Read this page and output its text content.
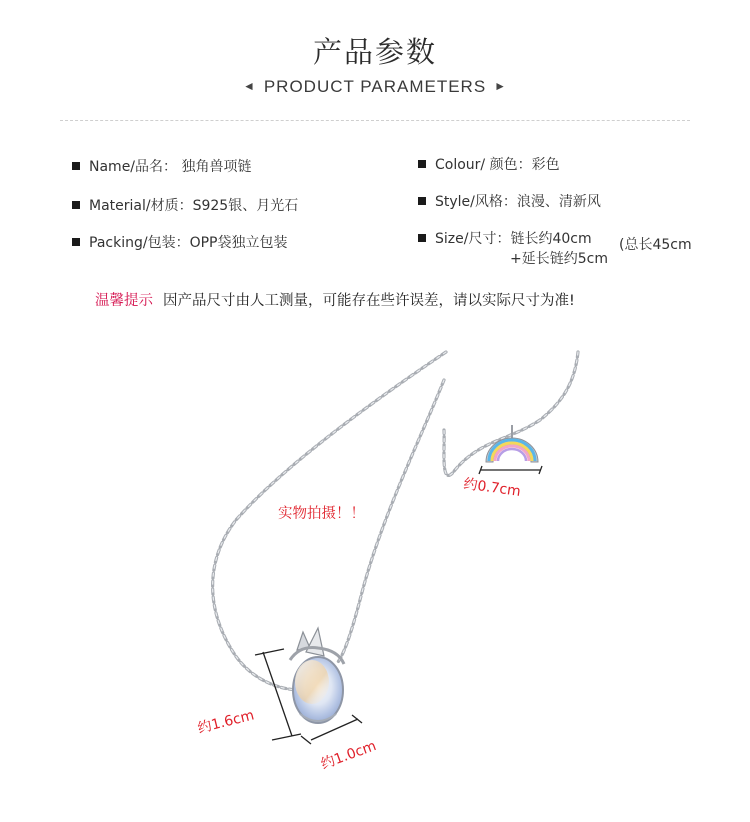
产品参数
◄ PRODUCT PARAMETERS ►
Name/品名： 独角兽项链
Material/材质：S925银、月光石
Packing/包装：OPP袋独立包装
Colour/ 颜色：彩色
Style/风格：浪漫、清新风
Size/尺寸：链长约40cm (总长45cm
+延长链约5cm
温馨提示 因产品尺寸由人工测量，可能存在些许误差，请以实际尺寸为准!
实物拍摄！！
约0.7cm
约1.6cm
约1.0cm
